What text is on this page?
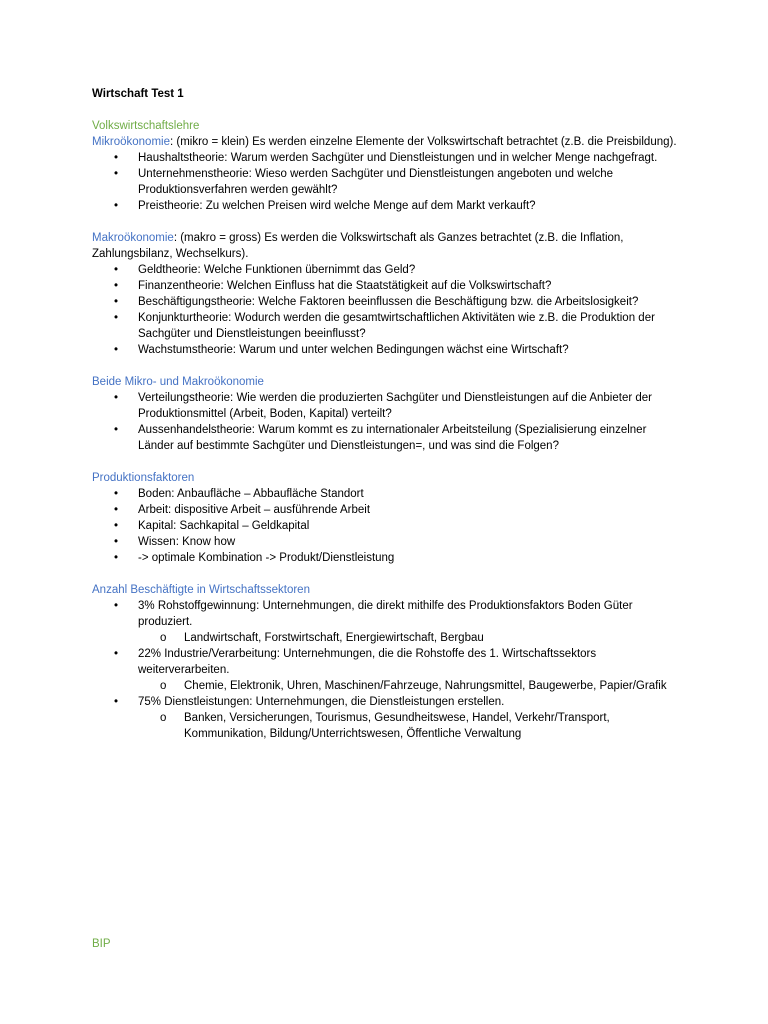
Wirtschaft Test 1
Volkswirtschaftslehre
Mikroökonomie: (mikro = klein) Es werden einzelne Elemente der Volkswirtschaft betrachtet (z.B. die Preisbildung).
• Haushaltstheorie: Warum werden Sachgüter und Dienstleistungen und in welcher Menge nachgefragt.
• Unternehmenstheorie: Wieso werden Sachgüter und Dienstleistungen angeboten und welche Produktionsverfahren werden gewählt?
• Preistheorie: Zu welchen Preisen wird welche Menge auf dem Markt verkauft?
Makroökonomie: (makro = gross) Es werden die Volkswirtschaft als Ganzes betrachtet (z.B. die Inflation, Zahlungsbilanz, Wechselkurs).
• Geldtheorie: Welche Funktionen übernimmt das Geld?
• Finanzentheorie: Welchen Einfluss hat die Staatstätigkeit auf die Volkswirtschaft?
• Beschäftigungstheorie: Welche Faktoren beeinflussen die Beschäftigung bzw. die Arbeitslosigkeit?
• Konjunkturtheorie: Wodurch werden die gesamtwirtschaftlichen Aktivitäten wie z.B. die Produktion der Sachgüter und Dienstleistungen beeinflusst?
• Wachstumstheorie: Warum und unter welchen Bedingungen wächst eine Wirtschaft?
Beide Mikro- und Makroökonomie
• Verteilungstheorie: Wie werden die produzierten Sachgüter und Dienstleistungen auf die Anbieter der Produktionsmittel (Arbeit, Boden, Kapital) verteilt?
• Aussenhandelstheorie: Warum kommt es zu internationaler Arbeitsteilung (Spezialisierung einzelner Länder auf bestimmte Sachgüter und Dienstleistungen=, und was sind die Folgen?
Produktionsfaktoren
• Boden: Anbaufläche – Abbaufläche Standort
• Arbeit: dispositive Arbeit – ausführende Arbeit
• Kapital: Sachkapital – Geldkapital
• Wissen: Know how
• -> optimale Kombination -> Produkt/Dienstleistung
Anzahl Beschäftigte in Wirtschaftssektoren
• 3% Rohstoffgewinnung: Unternehmungen, die direkt mithilfe des Produktionsfaktors Boden Güter produziert.
o Landwirtschaft, Forstwirtschaft, Energiewirtschaft, Bergbau
• 22% Industrie/Verarbeitung: Unternehmungen, die die Rohstoffe des 1. Wirtschaftssektors weiterverarbeiten.
o Chemie, Elektronik, Uhren, Maschinen/Fahrzeuge, Nahrungsmittel, Baugewerbe, Papier/Grafik
• 75% Dienstleistungen: Unternehmungen, die Dienstleistungen erstellen.
o Banken, Versicherungen, Tourismus, Gesundheitswese, Handel, Verkehr/Transport, Kommunikation, Bildung/Unterrichtswesen, Öffentliche Verwaltung
BIP
